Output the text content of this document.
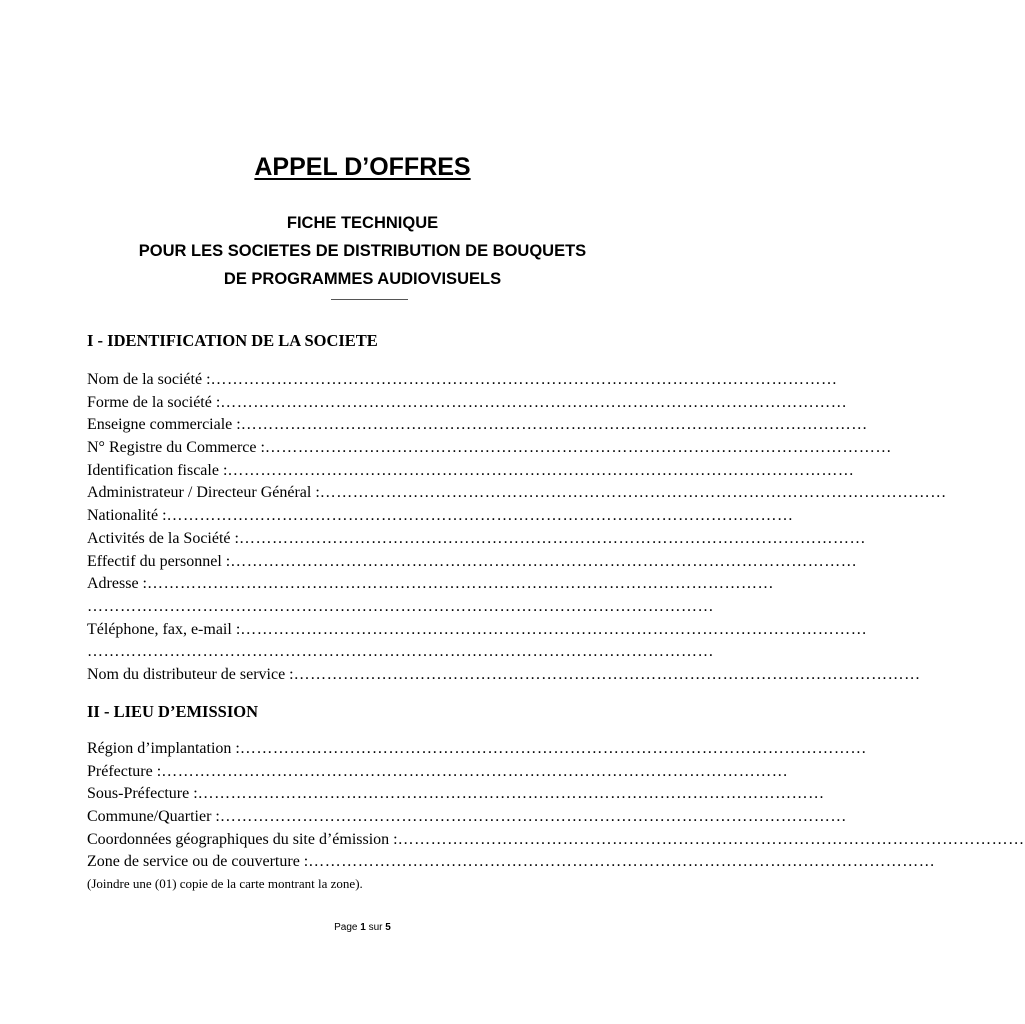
APPEL D’OFFRES

FICHE TECHNIQUE

POUR LES SOCIETES DE DISTRIBUTION DE BOUQUETS

DE PROGRAMMES AUDIOVISUELS

I - IDENTIFICATION DE LA SOCIETE
Nom de la société : ……………………………………………………………………………………………………
Forme de la société : ……………………………………………………………………………………………………
Enseigne commerciale : ……………………………………………………………………………………………………
N° Registre du Commerce : ……………………………………………………………………………………………………
Identification fiscale : ……………………………………………………………………………………………………
Administrateur / Directeur Général : ……………………………………………………………………………………………………
Nationalité : ……………………………………………………………………………………………………
Activités de la Société : ……………………………………………………………………………………………………
Effectif du personnel : ……………………………………………………………………………………………………
Adresse : ……………………………………………………………………………………………………
……………………………………………………………………………………………………
Téléphone, fax, e-mail : ……………………………………………………………………………………………………
……………………………………………………………………………………………………
Nom du distributeur de service : ……………………………………………………………………………………………………
II - LIEU D’EMISSION
Région d’implantation : ……………………………………………………………………………………………………
Préfecture : ……………………………………………………………………………………………………
Sous-Préfecture : ……………………………………………………………………………………………………
Commune/Quartier : ……………………………………………………………………………………………………
Coordonnées géographiques du site d’émission : ……………………………………………………………………………………………………
Zone de service ou de couverture : ……………………………………………………………………………………………………

(Joindre une (01) copie de la carte montrant la zone).

Page 1 sur 5
